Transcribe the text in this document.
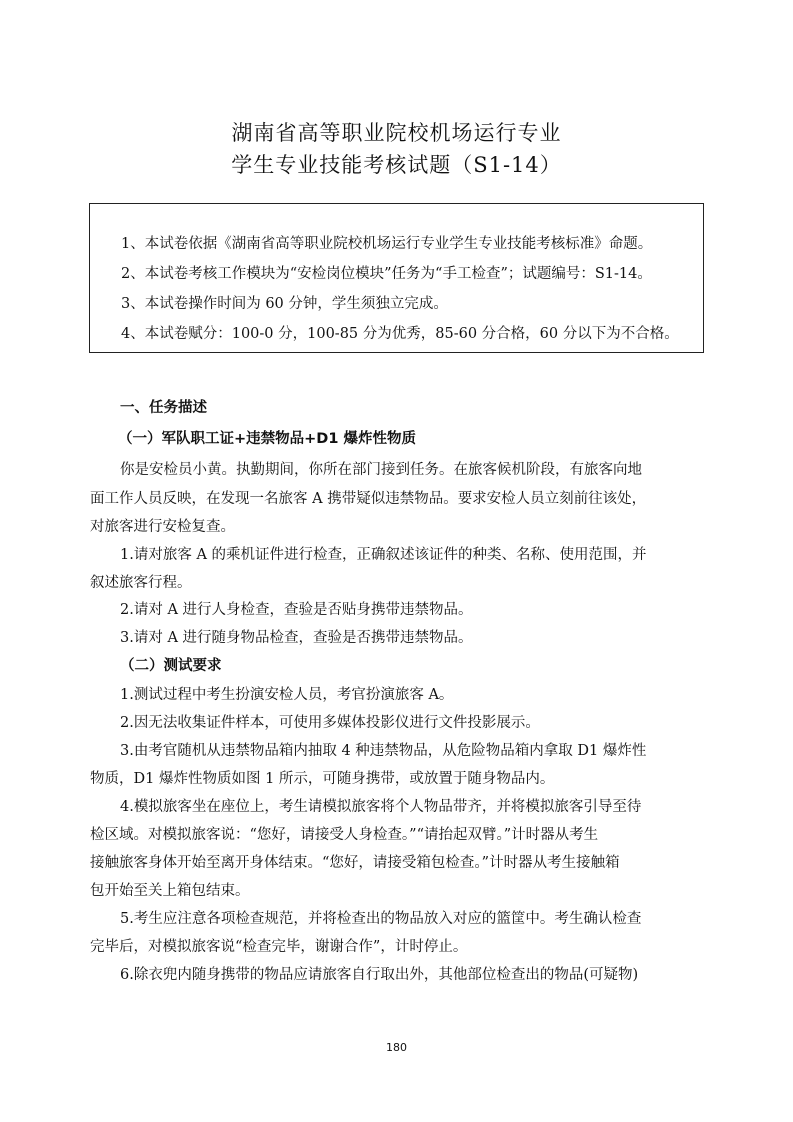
湖南省高等职业院校机场运行专业
学生专业技能考核试题（S1-14）
1、本试卷依据《湖南省高等职业院校机场运行专业学生专业技能考核标准》命题。
2、本试卷考核工作模块为“安检岗位模块”任务为“手工检查”；试题编号：S1-14。
3、本试卷操作时间为 60 分钟，学生须独立完成。
4、本试卷赋分：100-0 分，100-85 分为优秀，85-60 分合格，60 分以下为不合格。
一、任务描述
（一）军队职工证+违禁物品+D1 爆炸性物质
你是安检员小黄。执勤期间，你所在部门接到任务。在旅客候机阶段，有旅客向地
面工作人员反映，在发现一名旅客 A 携带疑似违禁物品。要求安检人员立刻前往该处，
对旅客进行安检复查。
1.请对旅客 A 的乘机证件进行检查，正确叙述该证件的种类、名称、使用范围，并
叙述旅客行程。
2.请对 A 进行人身检查，查验是否贴身携带违禁物品。
3.请对 A 进行随身物品检查，查验是否携带违禁物品。
（二）测试要求
1.测试过程中考生扮演安检人员，考官扮演旅客 A。
2.因无法收集证件样本，可使用多媒体投影仪进行文件投影展示。
3.由考官随机从违禁物品箱内抽取 4 种违禁物品，从危险物品箱内拿取 D1 爆炸性
物质，D1 爆炸性物质如图 1 所示，可随身携带，或放置于随身物品内。
4.模拟旅客坐在座位上，考生请模拟旅客将个人物品带齐，并将模拟旅客引导至待
检区域。对模拟旅客说：“您好，请接受人身检查。”“请抬起双臂。”计时器从考生
接触旅客身体开始至离开身体结束。“您好，请接受箱包检查。”计时器从考生接触箱
包开始至关上箱包结束。
5.考生应注意各项检查规范，并将检查出的物品放入对应的篮筐中。考生确认检查
完毕后，对模拟旅客说“检查完毕，谢谢合作”，计时停止。
6.除衣兜内随身携带的物品应请旅客自行取出外，其他部位检查出的物品(可疑物)
180
